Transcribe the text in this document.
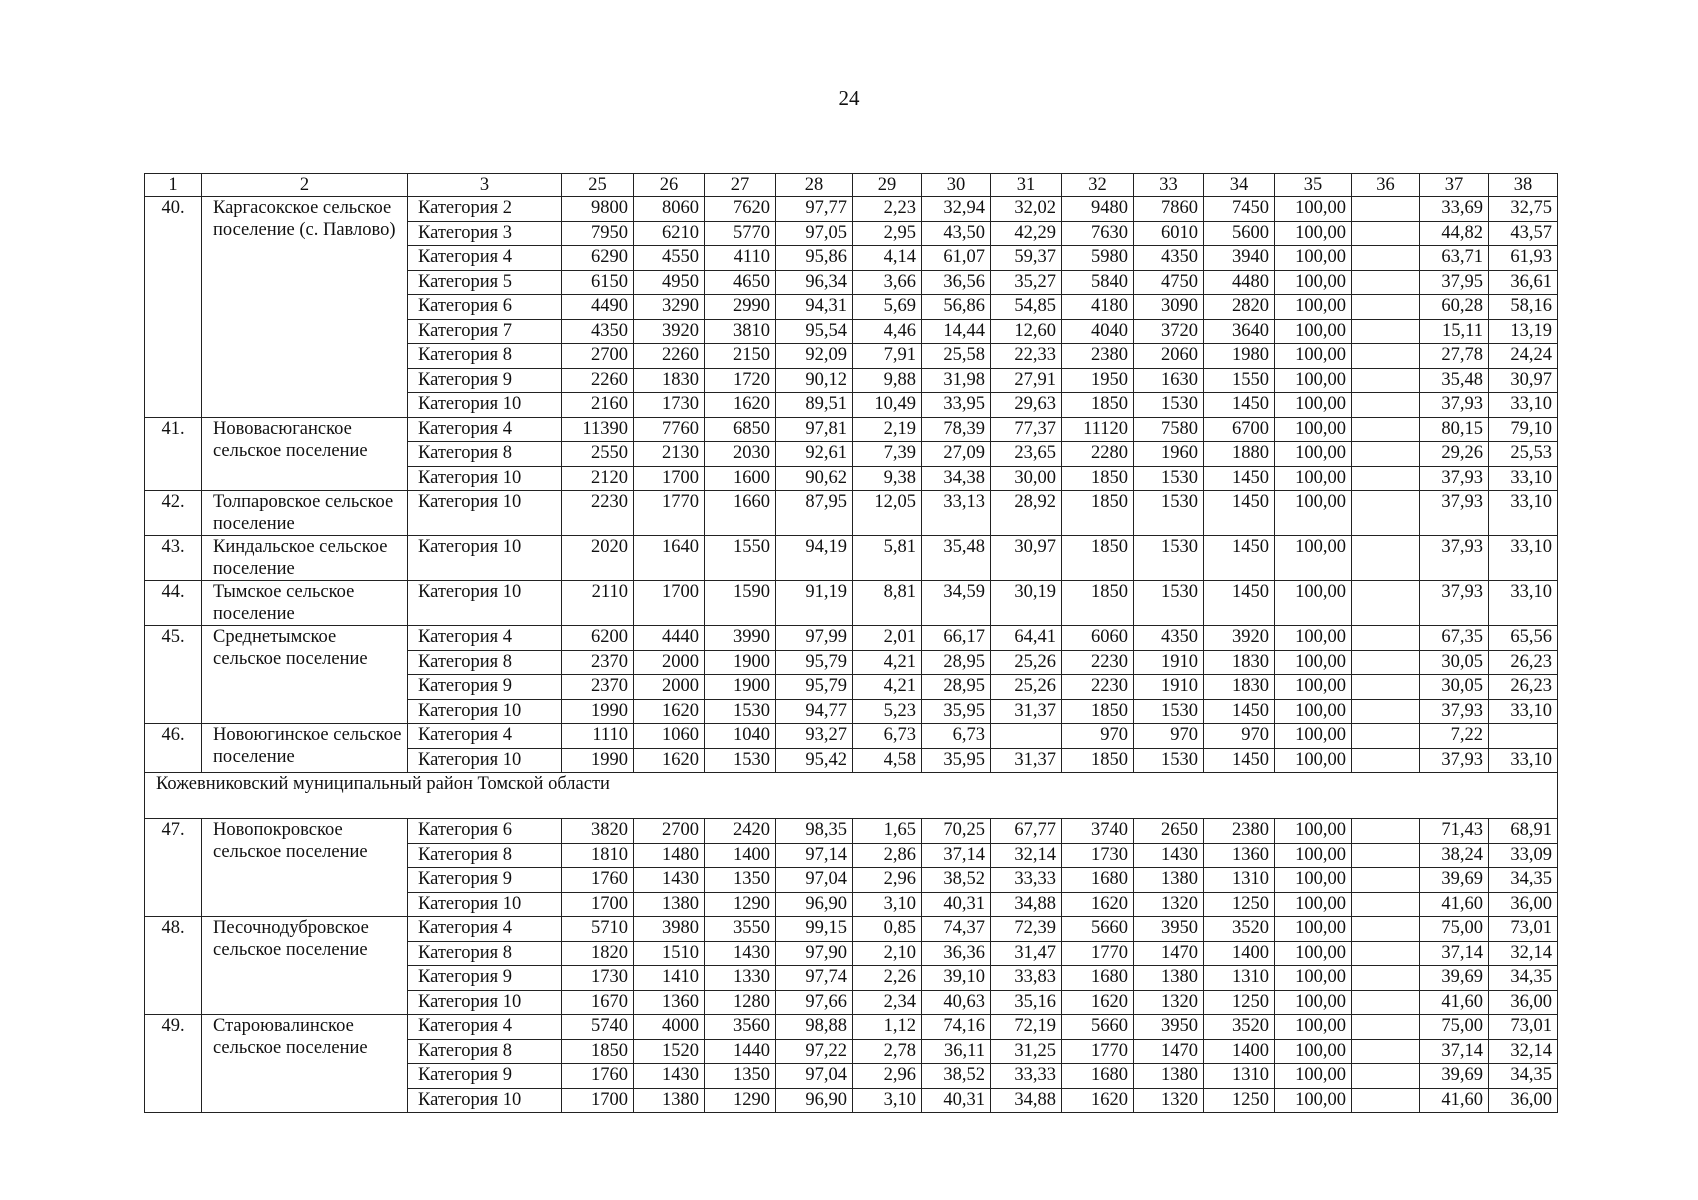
24
1	2	3	25	26	27	28	29	30	31	32	33	34	35	36	37	38
40.	Каргасокское сельское поселение (с. Павлово)	Категория 2	9800	8060	7620	97,77	2,23	32,94	32,02	9480	7860	7450	100,00		33,69	32,75
		Категория 3	7950	6210	5770	97,05	2,95	43,50	42,29	7630	6010	5600	100,00		44,82	43,57
		Категория 4	6290	4550	4110	95,86	4,14	61,07	59,37	5980	4350	3940	100,00		63,71	61,93
		Категория 5	6150	4950	4650	96,34	3,66	36,56	35,27	5840	4750	4480	100,00		37,95	36,61
		Категория 6	4490	3290	2990	94,31	5,69	56,86	54,85	4180	3090	2820	100,00		60,28	58,16
		Категория 7	4350	3920	3810	95,54	4,46	14,44	12,60	4040	3720	3640	100,00		15,11	13,19
		Категория 8	2700	2260	2150	92,09	7,91	25,58	22,33	2380	2060	1980	100,00		27,78	24,24
		Категория 9	2260	1830	1720	90,12	9,88	31,98	27,91	1950	1630	1550	100,00		35,48	30,97
		Категория 10	2160	1730	1620	89,51	10,49	33,95	29,63	1850	1530	1450	100,00		37,93	33,10
41.	Нововасюганское сельское поселение	Категория 4	11390	7760	6850	97,81	2,19	78,39	77,37	11120	7580	6700	100,00		80,15	79,10
		Категория 8	2550	2130	2030	92,61	7,39	27,09	23,65	2280	1960	1880	100,00		29,26	25,53
		Категория 10	2120	1700	1600	90,62	9,38	34,38	30,00	1850	1530	1450	100,00		37,93	33,10
42.	Толпаровское сельское поселение	Категория 10	2230	1770	1660	87,95	12,05	33,13	28,92	1850	1530	1450	100,00		37,93	33,10
43.	Киндальское сельское поселение	Категория 10	2020	1640	1550	94,19	5,81	35,48	30,97	1850	1530	1450	100,00		37,93	33,10
44.	Тымское сельское поселение	Категория 10	2110	1700	1590	91,19	8,81	34,59	30,19	1850	1530	1450	100,00		37,93	33,10
45.	Среднетымское сельское поселение	Категория 4	6200	4440	3990	97,99	2,01	66,17	64,41	6060	4350	3920	100,00		67,35	65,56
		Категория 8	2370	2000	1900	95,79	4,21	28,95	25,26	2230	1910	1830	100,00		30,05	26,23
		Категория 9	2370	2000	1900	95,79	4,21	28,95	25,26	2230	1910	1830	100,00		30,05	26,23
		Категория 10	1990	1620	1530	94,77	5,23	35,95	31,37	1850	1530	1450	100,00		37,93	33,10
46.	Новоюгинское сельское поселение	Категория 4	1110	1060	1040	93,27	6,73	6,73		970	970	970	100,00		7,22	
		Категория 10	1990	1620	1530	95,42	4,58	35,95	31,37	1850	1530	1450	100,00		37,93	33,10
Кожевниковский муниципальный район Томской области																
47.	Новопокровское сельское поселение	Категория 6	3820	2700	2420	98,35	1,65	70,25	67,77	3740	2650	2380	100,00		71,43	68,91
		Категория 8	1810	1480	1400	97,14	2,86	37,14	32,14	1730	1430	1360	100,00		38,24	33,09
		Категория 9	1760	1430	1350	97,04	2,96	38,52	33,33	1680	1380	1310	100,00		39,69	34,35
		Категория 10	1700	1380	1290	96,90	3,10	40,31	34,88	1620	1320	1250	100,00		41,60	36,00
48.	Песочнодубровское сельское поселение	Категория 4	5710	3980	3550	99,15	0,85	74,37	72,39	5660	3950	3520	100,00		75,00	73,01
		Категория 8	1820	1510	1430	97,90	2,10	36,36	31,47	1770	1470	1400	100,00		37,14	32,14
		Категория 9	1730	1410	1330	97,74	2,26	39,10	33,83	1680	1380	1310	100,00		39,69	34,35
		Категория 10	1670	1360	1280	97,66	2,34	40,63	35,16	1620	1320	1250	100,00		41,60	36,00
49.	Староювалинское сельское поселение	Категория 4	5740	4000	3560	98,88	1,12	74,16	72,19	5660	3950	3520	100,00		75,00	73,01
		Категория 8	1850	1520	1440	97,22	2,78	36,11	31,25	1770	1470	1400	100,00		37,14	32,14
		Категория 9	1760	1430	1350	97,04	2,96	38,52	33,33	1680	1380	1310	100,00		39,69	34,35
		Категория 10	1700	1380	1290	96,90	3,10	40,31	34,88	1620	1320	1250	100,00		41,60	36,00
